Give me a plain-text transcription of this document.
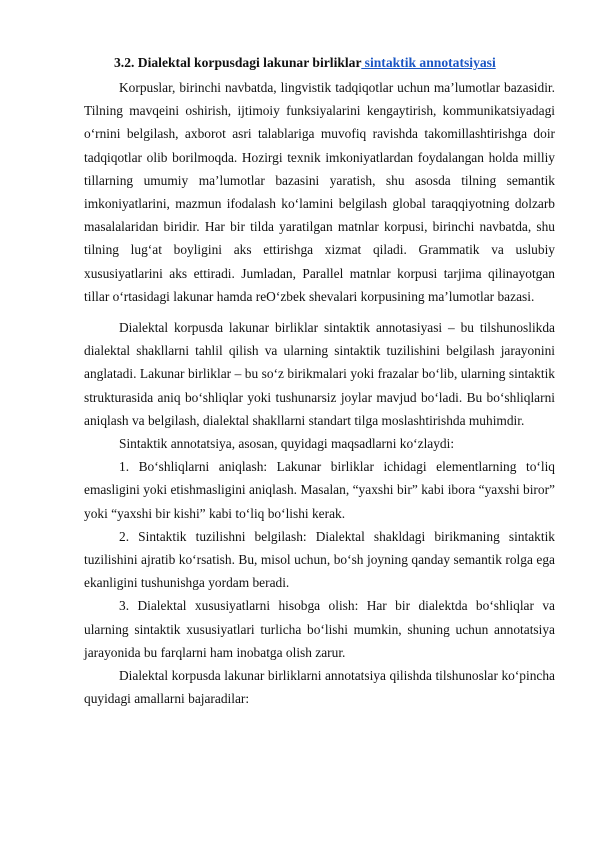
3.2. Dialektal korpusdagi lakunar birliklar sintaktik annotatsiyasi

Korpuslar, birinchi navbatda, lingvistik tadqiqotlar uchun ma’lumotlar bazasidir. Tilning mavqeini oshirish, ijtimoiy funksiyalarini kengaytirish, kommunikatsiyadagi o‘rnini belgilash, axborot asri talablariga muvofiq ravishda takomillashtirishga doir tadqiqotlar olib borilmoqda. Hozirgi texnik imkoniyatlardan foydalangan holda milliy tillarning umumiy ma’lumotlar bazasini yaratish, shu asosda tilning semantik imkoniyatlarini, mazmun ifodalash ko‘lamini belgilash global taraqqiyotning dolzarb masalalaridan biridir. Har bir tilda yaratilgan matnlar korpusi, birinchi navbatda, shu tilning lug‘at boyligini aks ettirishga xizmat qiladi. Grammatik va uslubiy xususiyatlarini aks ettiradi. Jumladan, Parallel matnlar korpusi tarjima qilinayotgan tillar o‘rtasidagi lakunar hamda reO‘zbek shevalari korpusining ma’lumotlar bazasi.

Dialektal korpusda lakunar birliklar sintaktik annotasiyasi – bu tilshunoslikda dialektal shakllarni tahlil qilish va ularning sintaktik tuzilishini belgilash jarayonini anglatadi. Lakunar birliklar – bu so‘z birikmalari yoki frazalar bo‘lib, ularning sintaktik strukturasida aniq bo‘shliqlar yoki tushunarsiz joylar mavjud bo‘ladi. Bu bo‘shliqlarni aniqlash va belgilash, dialektal shakllarni standart tilga moslashtirishda muhimdir.

Sintaktik annotatsiya, asosan, quyidagi maqsadlarni ko‘zlaydi:

1. Bo‘shliqlarni aniqlash: Lakunar birliklar ichidagi elementlarning to‘liq emasligini yoki etishmasligini aniqlash. Masalan, “yaxshi bir” kabi ibora “yaxshi biror” yoki “yaxshi bir kishi” kabi to‘liq bo‘lishi kerak.

2. Sintaktik tuzilishni belgilash: Dialektal shakldagi birikmaning sintaktik tuzilishini ajratib ko‘rsatish. Bu, misol uchun, bo‘sh joyning qanday semantik rolga ega ekanligini tushunishga yordam beradi.

3. Dialektal xususiyatlarni hisobga olish: Har bir dialektda bo‘shliqlar va ularning sintaktik xususiyatlari turlicha bo‘lishi mumkin, shuning uchun annotatsiya jarayonida bu farqlarni ham inobatga olish zarur.

Dialektal korpusda lakunar birliklarni annotatsiya qilishda tilshunoslar ko‘pincha quyidagi amallarni bajaradilar:
